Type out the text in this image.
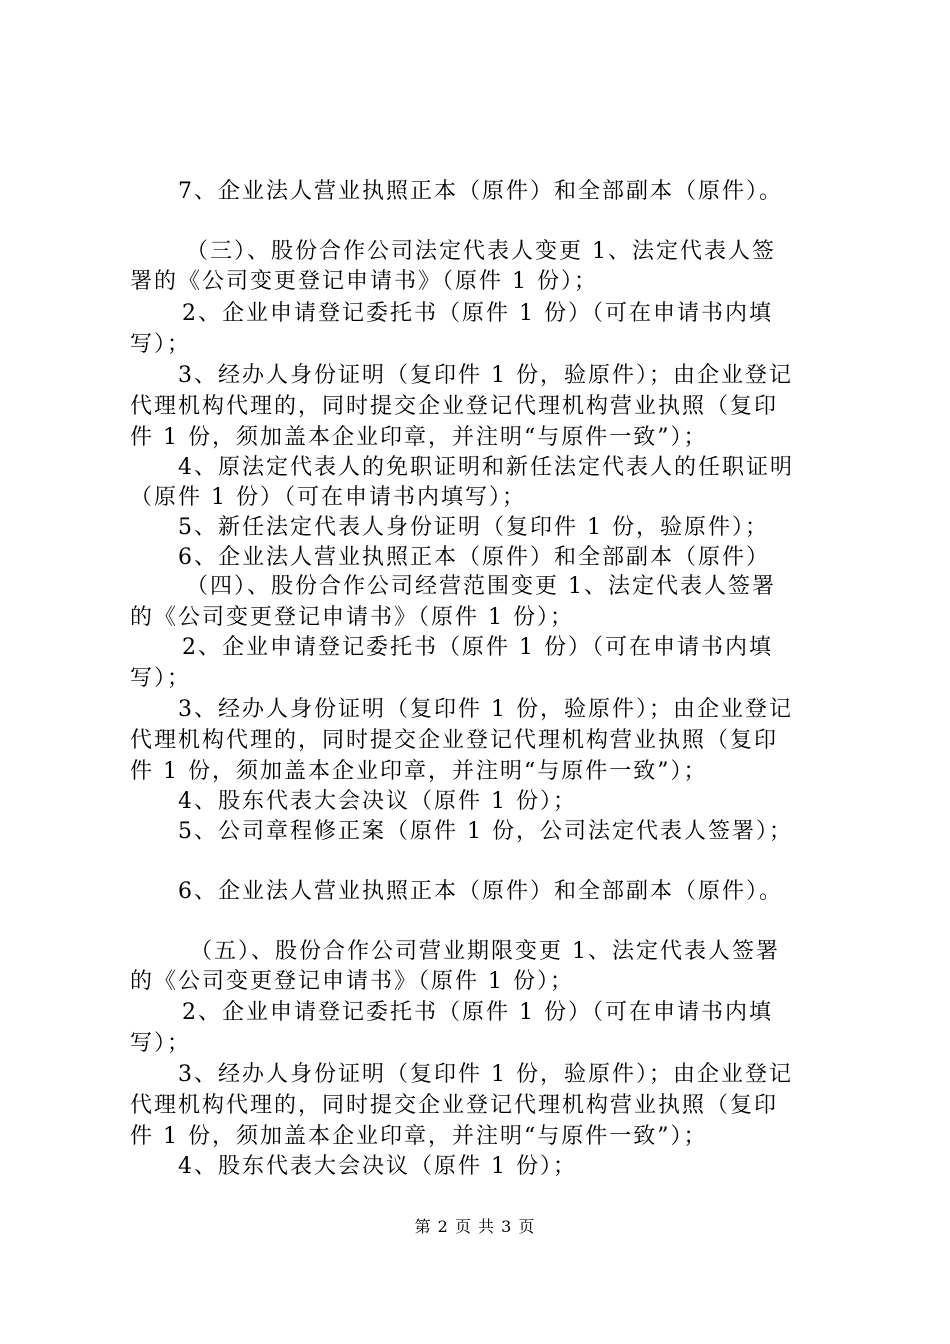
7、企业法人营业执照正本（原件）和全部副本（原件）。
（三）、股份合作公司法定代表人变更 1、法定代表人签
署的《公司变更登记申请书》（原件 1 份）；
2、企业申请登记委托书（原件 1 份）（可在申请书内填
写）；
3、经办人身份证明（复印件 1 份，验原件）；由企业登记
代理机构代理的，同时提交企业登记代理机构营业执照（复印
件 1 份，须加盖本企业印章，并注明“与原件一致”）；
4、原法定代表人的免职证明和新任法定代表人的任职证明
（原件 1 份）（可在申请书内填写）；
5、新任法定代表人身份证明（复印件 1 份，验原件）；
6、企业法人营业执照正本（原件）和全部副本（原件）
（四）、股份合作公司经营范围变更 1、法定代表人签署
的《公司变更登记申请书》（原件 1 份）；
2、企业申请登记委托书（原件 1 份）（可在申请书内填
写）；
3、经办人身份证明（复印件 1 份，验原件）；由企业登记
代理机构代理的，同时提交企业登记代理机构营业执照（复印
件 1 份，须加盖本企业印章，并注明“与原件一致”）；
4、股东代表大会决议（原件 1 份）；
5、公司章程修正案（原件 1 份，公司法定代表人签署）；
6、企业法人营业执照正本（原件）和全部副本（原件）。
（五）、股份合作公司营业期限变更 1、法定代表人签署
的《公司变更登记申请书》（原件 1 份）；
2、企业申请登记委托书（原件 1 份）（可在申请书内填
写）；
3、经办人身份证明（复印件 1 份，验原件）；由企业登记
代理机构代理的，同时提交企业登记代理机构营业执照（复印
件 1 份，须加盖本企业印章，并注明“与原件一致”）；
4、股东代表大会决议（原件 1 份）；
第 2 页 共 3 页
